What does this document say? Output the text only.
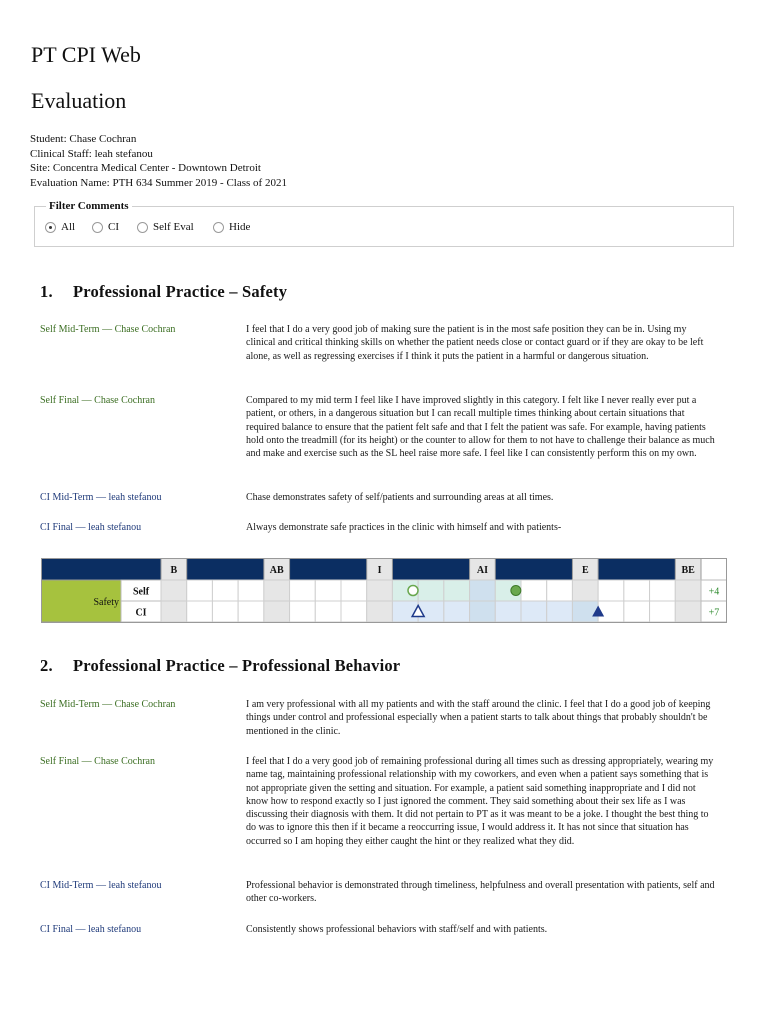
PT CPI Web
Evaluation
Student: Chase Cochran
Clinical Staff: leah stefanou
Site: Concentra Medical Center - Downtown Detroit
Evaluation Name: PTH 634 Summer 2019 - Class of 2021
Filter Comments
All	CI	Self Eval	Hide
1. Professional Practice – Safety
Self Mid-Term — Chase Cochran	I feel that I do a very good job of making sure the patient is in the most safe position they can be in. Using my clinical and critical thinking skills on whether the patient needs close or contact guard or if they are okay to be left alone, as well as regressing exercises if I think it puts the patient in a harmful or dangerous situation.
Self Final — Chase Cochran	Compared to my mid term I feel like I have improved slightly in this category. I felt like I never really ever put a patient, or others, in a dangerous situation but I can recall multiple times thinking about certain situations that required balance to ensure that the patient felt safe and that I felt the patient was safe. For example, having patients hold onto the treadmill (for its height) or the counter to allow for them to not have to challenge their balance as much and make and exercise such as the SL heel raise more safe. I feel like I can consistently perform this on my own.
CI Mid-Term — leah stefanou	Chase demonstrates safety of self/patients and surrounding areas at all times.
CI Final — leah stefanou	Always demonstrate safe practices in the clinic with himself and with patients-
B	AB	I	AI	E	BE
Safety
Self	+4
CI	+7
2. Professional Practice – Professional Behavior
Self Mid-Term — Chase Cochran	I am very professional with all my patients and with the staff around the clinic. I feel that I do a good job of keeping things under control and professional especially when a patient starts to talk about things that probably shouldn't be mentioned in the clinic.
Self Final — Chase Cochran	I feel that I do a very good job of remaining professional during all times such as dressing appropriately, wearing my name tag, maintaining professional relationship with my coworkers, and even when a patient says something that is not appropriate given the setting and situation. For example, a patient said something inappropriate and I did not know how to respond exactly so I just ignored the comment. They said something about their sex life as I was discussing their diagnosis with them. It did not pertain to PT as it was meant to be a joke. I thought the best thing to do was to ignore this then if it became a reoccurring issue, I would address it. It has not since that situation has occurred so I am hoping they either caught the hint or they realized what they did.
CI Mid-Term — leah stefanou	Professional behavior is demonstrated through timeliness, helpfulness and overall presentation with patients, self and other co-workers.
CI Final — leah stefanou	Consistently shows professional behaviors with staff/self and with patients.
